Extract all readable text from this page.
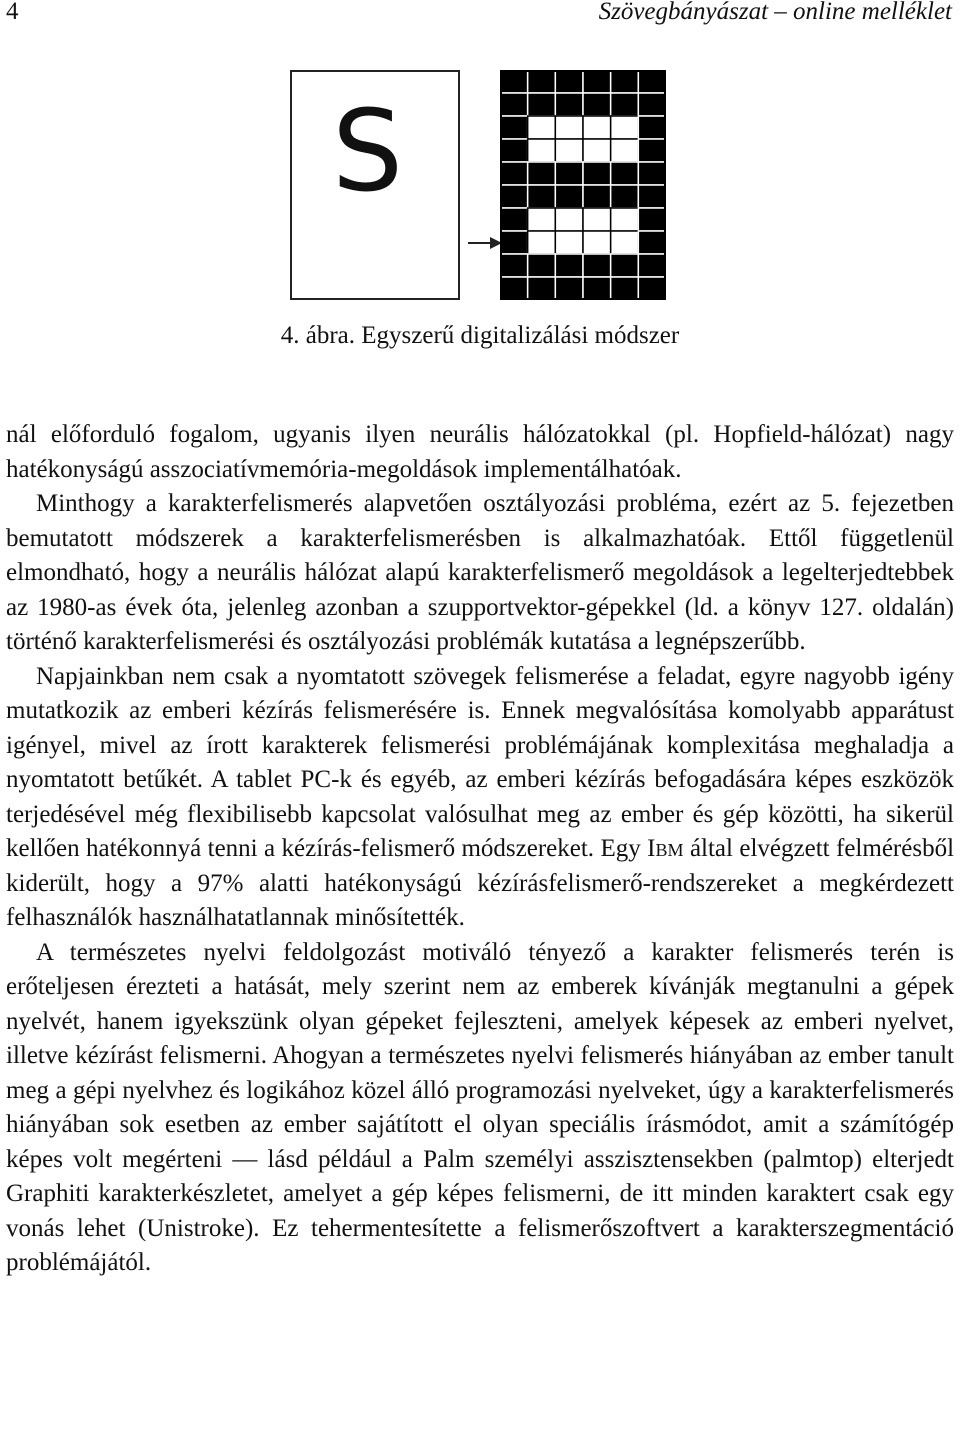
4	Szövegbányászat – online melléklet
S
4. ábra. Egyszerű digitalizálási módszer

nál előforduló fogalom, ugyanis ilyen neurális hálózatokkal (pl. Hopfield-hálózat) nagy hatékonyságú asszociatívmemória-megoldások implementálhatóak.

Minthogy a karakterfelismerés alapvetően osztályozási probléma, ezért az 5. fejezetben bemutatott módszerek a karakterfelismerésben is alkalmazhatóak. Ettől függetlenül elmondható, hogy a neurális hálózat alapú karakterfelismerő megoldások a legelterjedtebbek az 1980-as évek óta, jelenleg azonban a szupportvektor-gépekkel (ld. a könyv 127. oldalán) történő karakterfelismerési és osztályozási problémák kutatása a legnépszerűbb.

Napjainkban nem csak a nyomtatott szövegek felismerése a feladat, egyre nagyobb igény mutatkozik az emberi kézírás felismerésére is. Ennek megvalósítása komolyabb apparátust igényel, mivel az írott karakterek felismerési problémájának komplexitása meghaladja a nyomtatott betűkét. A tablet PC-k és egyéb, az emberi kézírás befogadására képes eszközök terjedésével még flexibilisebb kapcsolat valósulhat meg az ember és gép közötti, ha sikerül kellően hatékonnyá tenni a kézírás-felismerő módszereket. Egy Ibm által elvégzett felmérésből kiderült, hogy a 97% alatti hatékonyságú kézírásfelismerő-rendszereket a megkérdezett felhasználók használhatatlannak minősítették.

A természetes nyelvi feldolgozást motiváló tényező a karakter felismerés terén is erőteljesen érezteti a hatását, mely szerint nem az emberek kívánják megtanulni a gépek nyelvét, hanem igyekszünk olyan gépeket fejleszteni, amelyek képesek az emberi nyelvet, illetve kézírást felismerni. Ahogyan a természetes nyelvi felismerés hiányában az ember tanult meg a gépi nyelvhez és logikához közel álló programozási nyelveket, úgy a karakterfelismerés hiányában sok esetben az ember sajátított el olyan speciális írásmódot, amit a számítógép képes volt megérteni — lásd például a Palm személyi asszisztensekben (palmtop) elterjedt Graphiti karakterkészletet, amelyet a gép képes felismerni, de itt minden karaktert csak egy vonás lehet (Unistroke). Ez tehermentesítette a felismerőszoftvert a karakterszegmentáció problémájától.
